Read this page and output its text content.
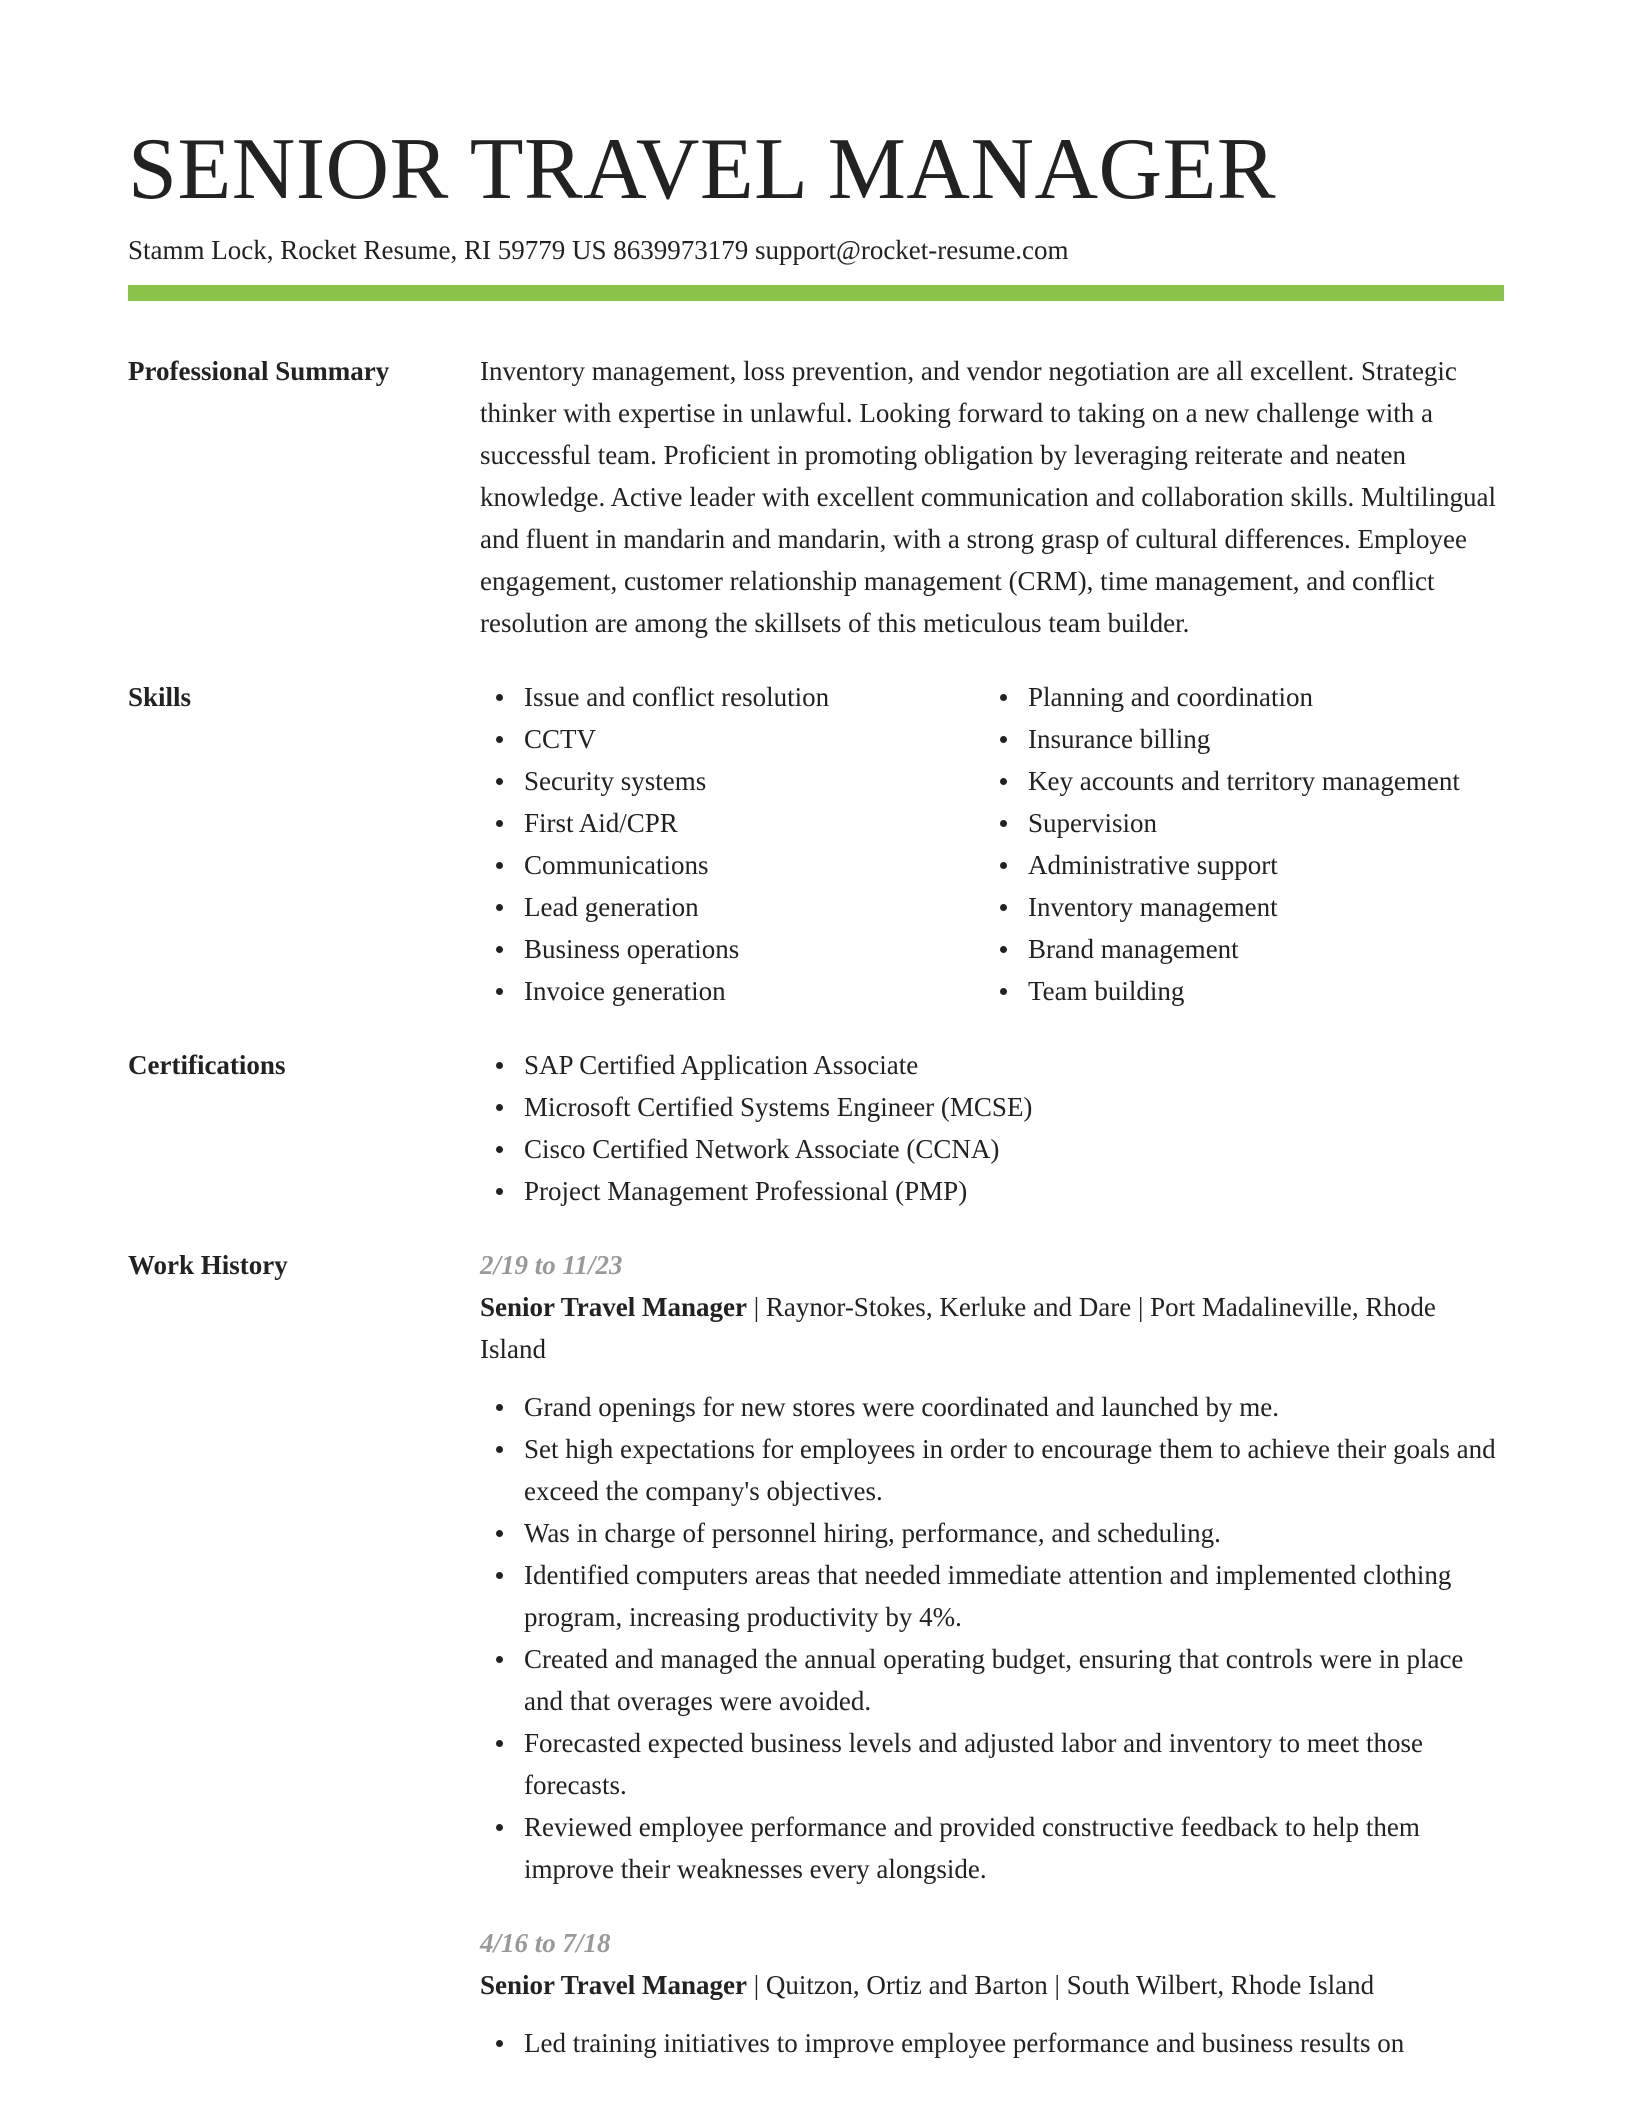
SENIOR TRAVEL MANAGER
Stamm Lock, Rocket Resume, RI 59779 US 8639973179 support@rocket-resume.com
Professional Summary	Inventory management, loss prevention, and vendor negotiation are all excellent. Strategic thinker with expertise in unlawful. Looking forward to taking on a new challenge with a successful team. Proficient in promoting obligation by leveraging reiterate and neaten knowledge. Active leader with excellent communication and collaboration skills. Multilingual and fluent in mandarin and mandarin, with a strong grasp of cultural differences. Employee engagement, customer relationship management (CRM), time management, and conflict resolution are among the skillsets of this meticulous team builder.

Skills	Issue and conflict resolution
CCTV
Security systems
First Aid/CPR
Communications
Lead generation
Business operations
Invoice generation
Planning and coordination
Insurance billing
Key accounts and territory management
Supervision
Administrative support
Inventory management
Brand management
Team building
Certifications	SAP Certified Application Associate
Microsoft Certified Systems Engineer (MCSE)
Cisco Certified Network Associate (CCNA)
Project Management Professional (PMP)
Work History	2/19 to 11/23
Senior Travel Manager | Raynor-Stokes, Kerluke and Dare | Port Madalineville, Rhode Island
Grand openings for new stores were coordinated and launched by me.
Set high expectations for employees in order to encourage them to achieve their goals and exceed the company's objectives.
Was in charge of personnel hiring, performance, and scheduling.
Identified computers areas that needed immediate attention and implemented clothing program, increasing productivity by 4%.
Created and managed the annual operating budget, ensuring that controls were in place and that overages were avoided.
Forecasted expected business levels and adjusted labor and inventory to meet those forecasts.
Reviewed employee performance and provided constructive feedback to help them improve their weaknesses every alongside.
4/16 to 7/18
Senior Travel Manager | Quitzon, Ortiz and Barton | South Wilbert, Rhode Island
Led training initiatives to improve employee performance and business results on
